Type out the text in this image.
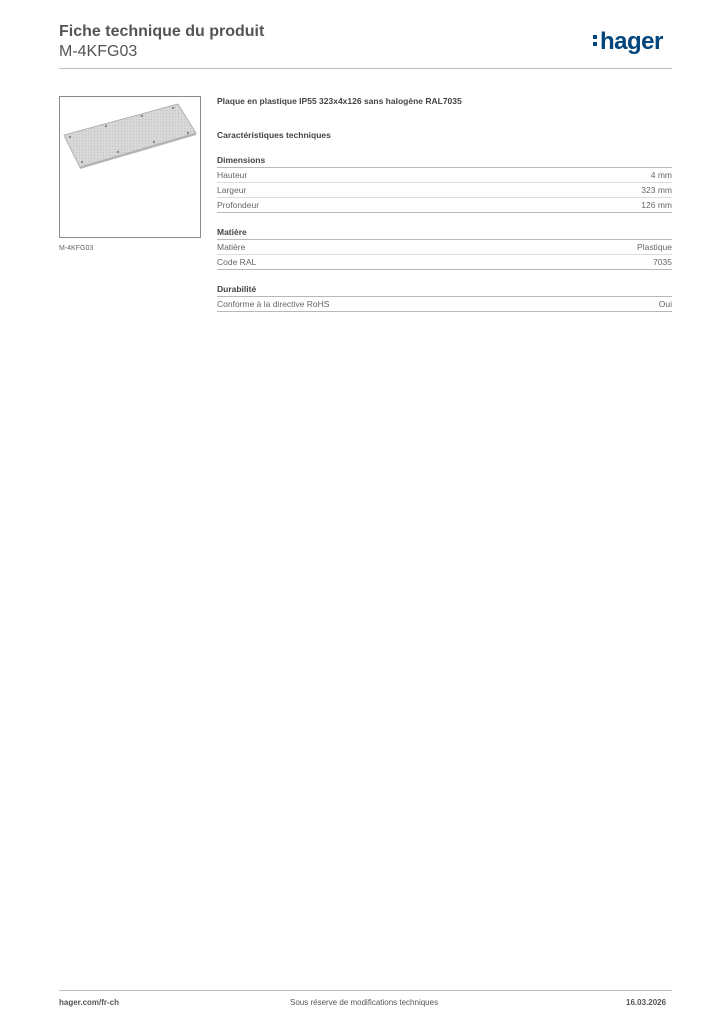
Fiche technique du produit
M-4KFG03	hager
M-4KFG03
Plaque en plastique IP55 323x4x126 sans halogène RAL7035
Caractéristiques techniques
Dimensions
Hauteur	4 mm
Largeur	323 mm
Profondeur	126 mm
Matière
Matière	Plastique
Code RAL	7035
Durabilité
Conforme à la directive RoHS	Oui
hager.com/fr-ch	Sous réserve de modifications techniques	16.03.2026
